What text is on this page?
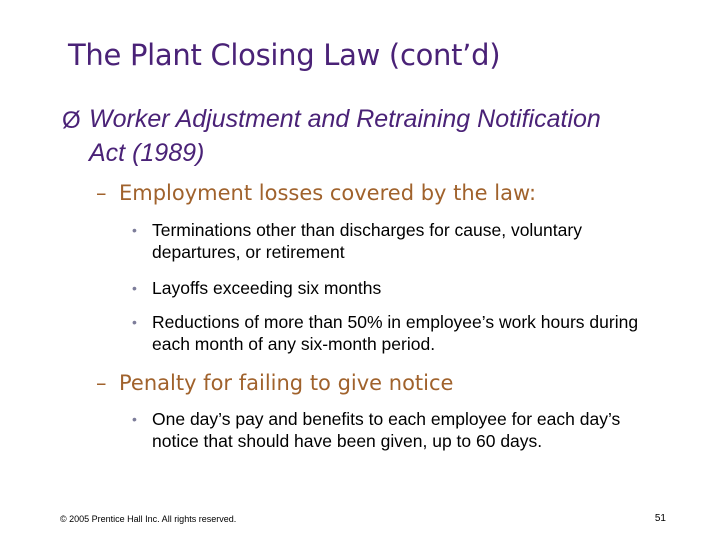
The Plant Closing Law (cont’d)
Ø Worker Adjustment and Retraining Notification Act (1989)
– Employment losses covered by the law:
• Terminations other than discharges for cause, voluntary departures, or retirement
• Layoffs exceeding six months
• Reductions of more than 50% in employee’s work hours during each month of any six-month period.
– Penalty for failing to give notice
• One day’s pay and benefits to each employee for each day’s notice that should have been given, up to 60 days.
© 2005 Prentice Hall Inc. All rights reserved.	51
